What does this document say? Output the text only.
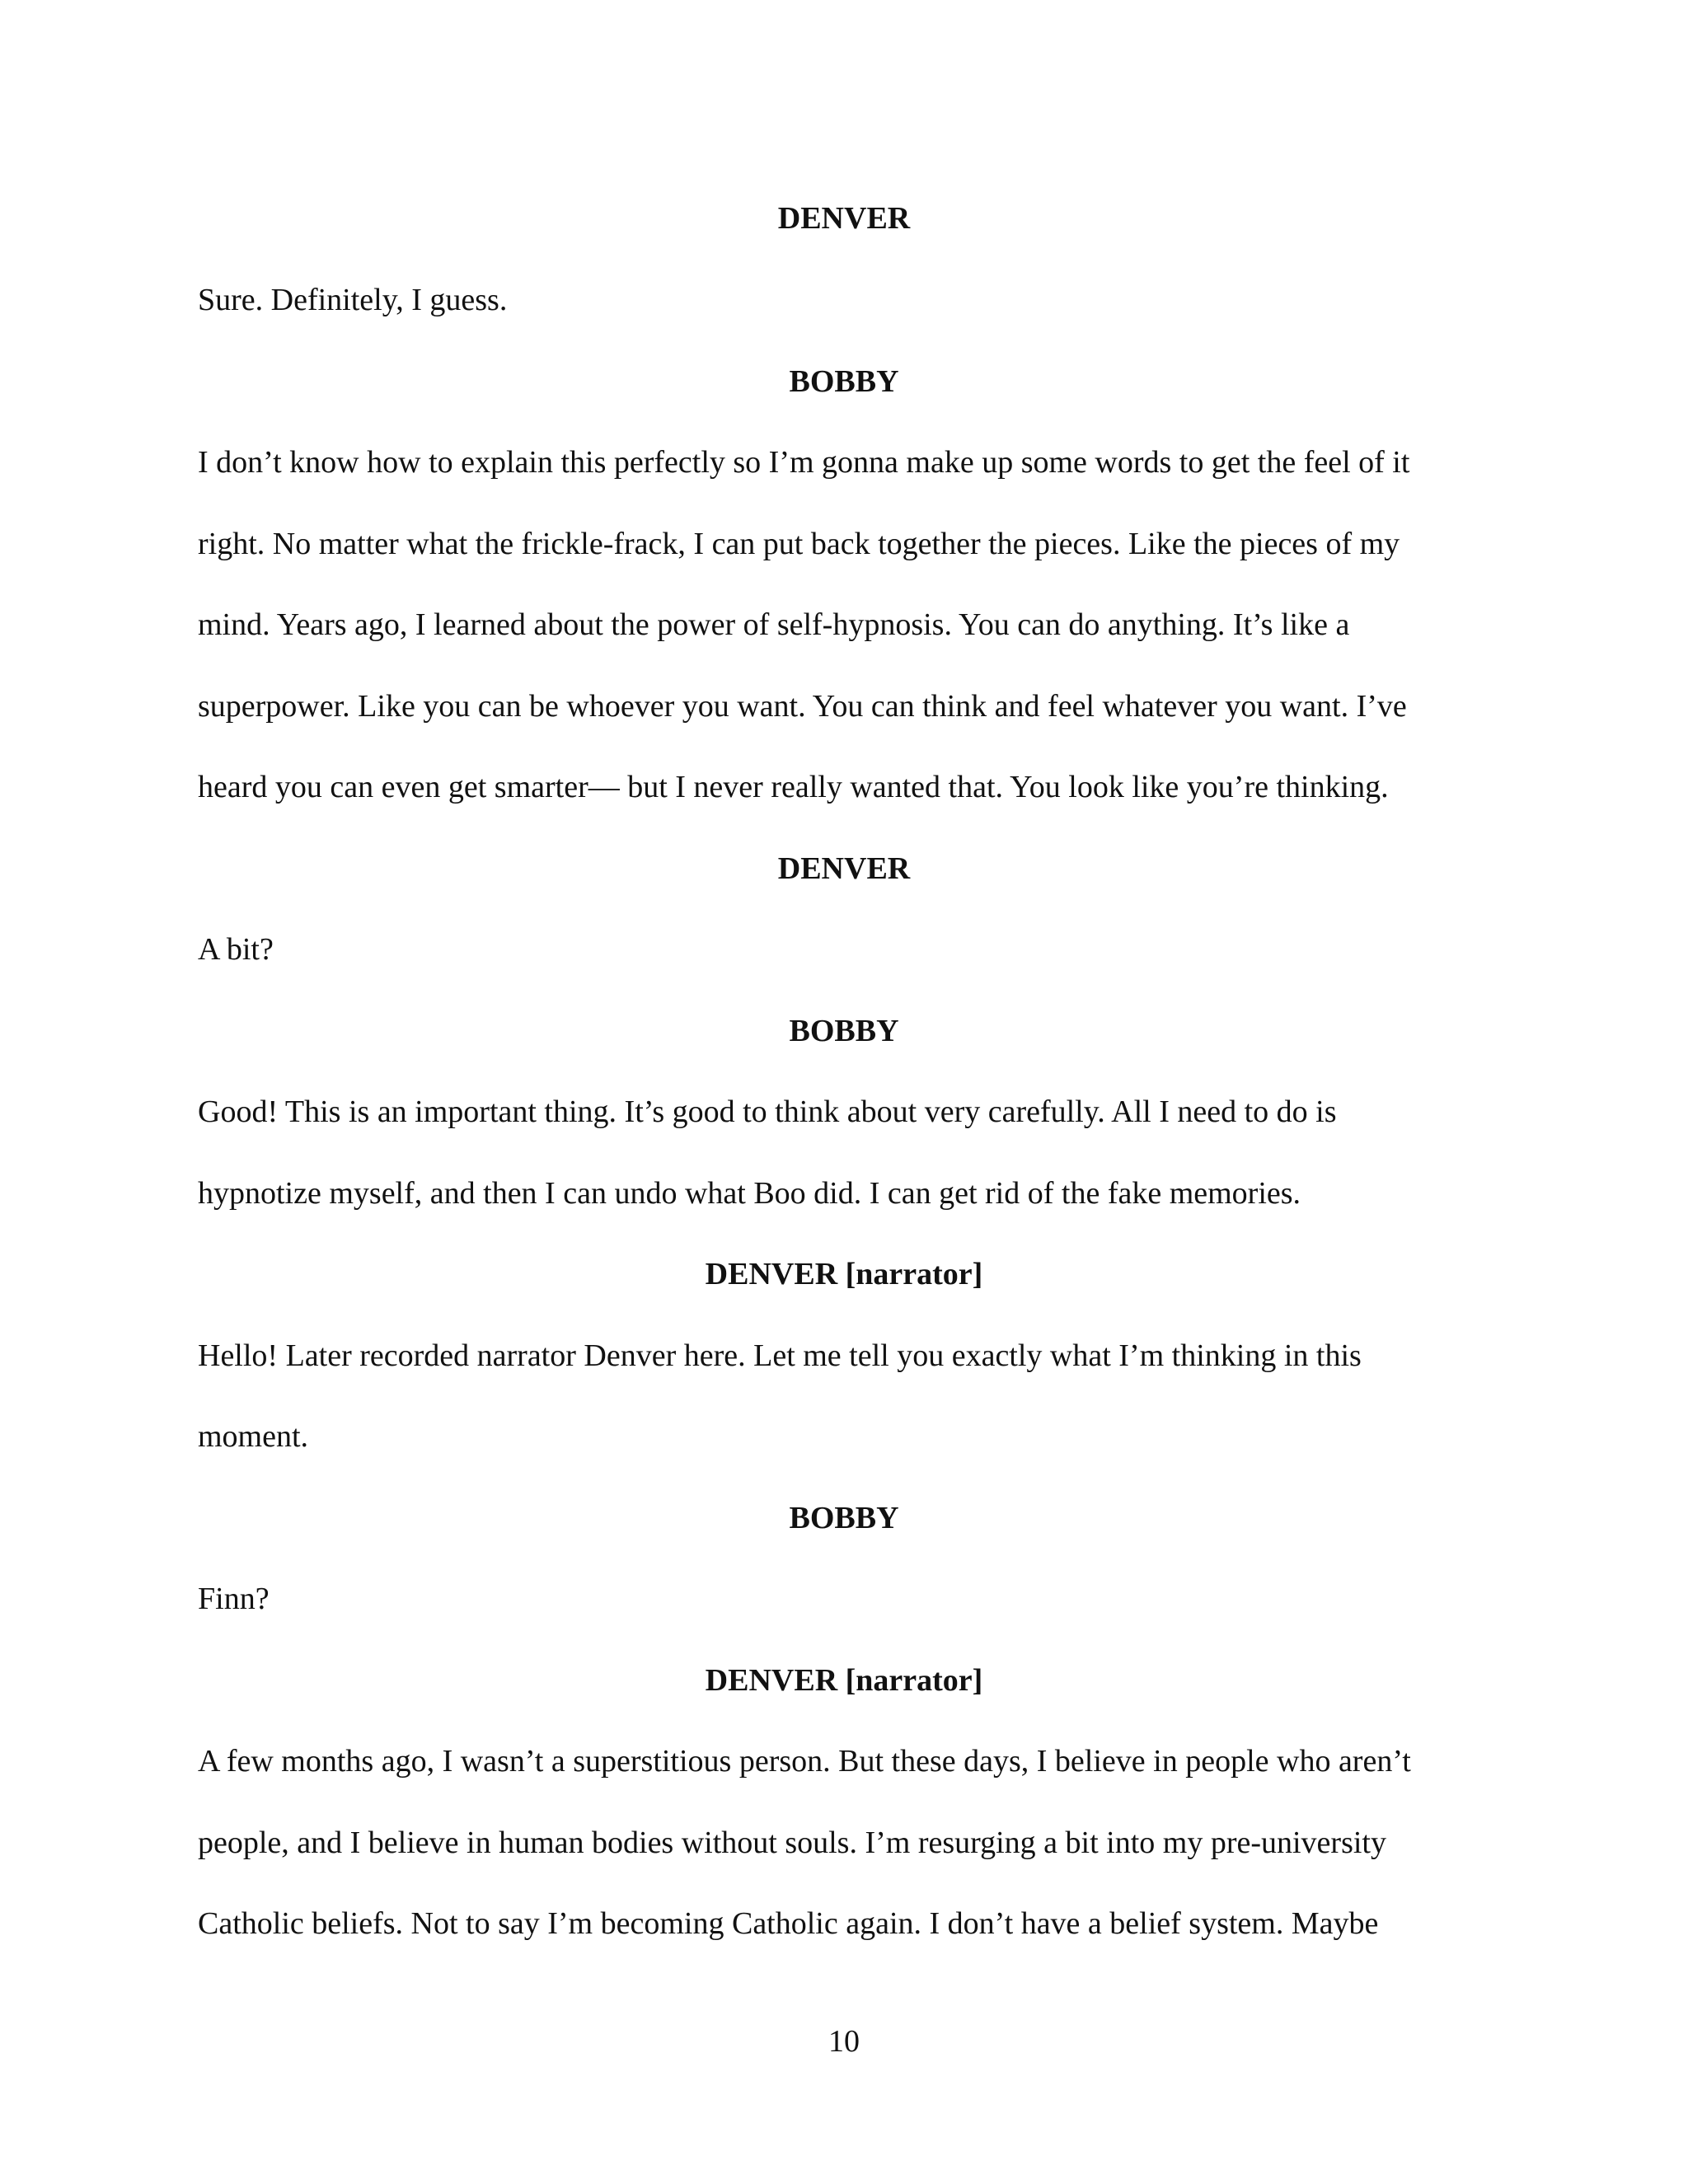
DENVER
Sure. Definitely, I guess.
BOBBY
I don’t know how to explain this perfectly so I’m gonna make up some words to get the feel of it
right. No matter what the frickle-frack, I can put back together the pieces. Like the pieces of my
mind. Years ago, I learned about the power of self-hypnosis. You can do anything. It’s like a
superpower. Like you can be whoever you want. You can think and feel whatever you want. I’ve
heard you can even get smarter— but I never really wanted that. You look like you’re thinking.
DENVER
A bit?
BOBBY
Good! This is an important thing. It’s good to think about very carefully. All I need to do is
hypnotize myself, and then I can undo what Boo did. I can get rid of the fake memories.
DENVER [narrator]
Hello! Later recorded narrator Denver here. Let me tell you exactly what I’m thinking in this
moment.
BOBBY
Finn?
DENVER [narrator]
A few months ago, I wasn’t a superstitious person. But these days, I believe in people who aren’t
people, and I believe in human bodies without souls. I’m resurging a bit into my pre-university
Catholic beliefs. Not to say I’m becoming Catholic again. I don’t have a belief system. Maybe
10
